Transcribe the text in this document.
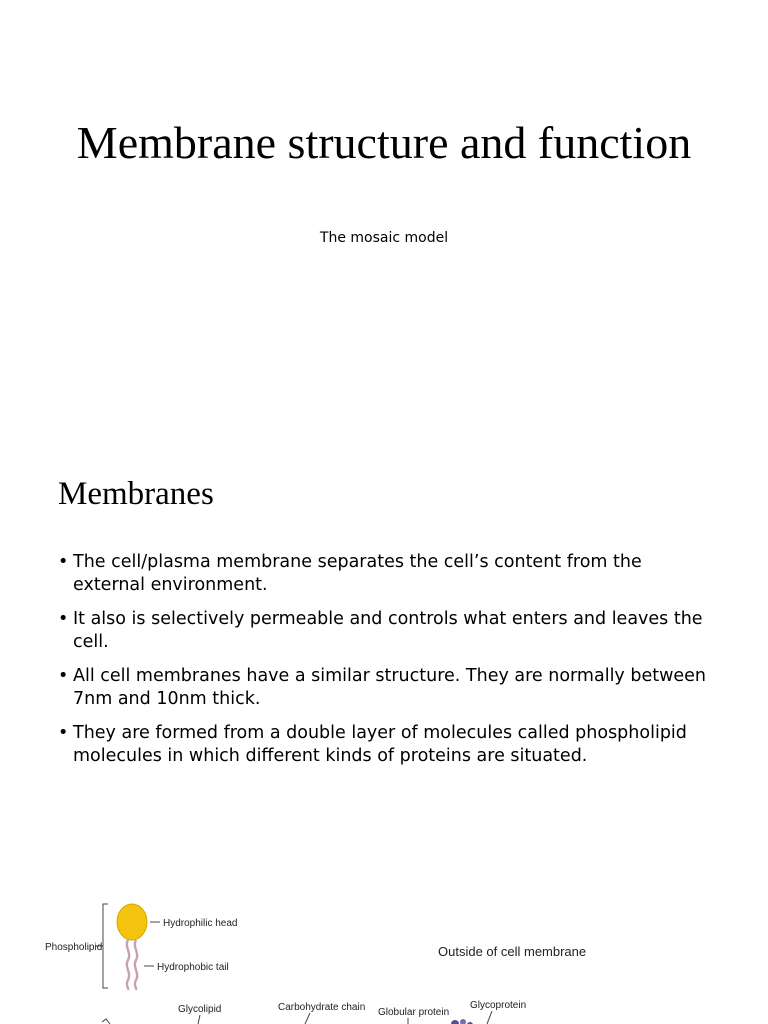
Membrane structure and function

The mosaic model

Membranes
• The cell/plasma membrane separates the cell’s content from the external environment.
• It also is selectively permeable and controls what enters and leaves the cell.
• All cell membranes have a similar structure. They are normally between 7nm and 10nm thick.
• They are formed from a double layer of molecules called phospholipid molecules in which different kinds of proteins are situated.
Phospholipid
Hydrophilic head
Hydrophobic tail
Outside of cell membrane
Glycolipid	Carbohydrate chain Globular protein
Glycoprotein
